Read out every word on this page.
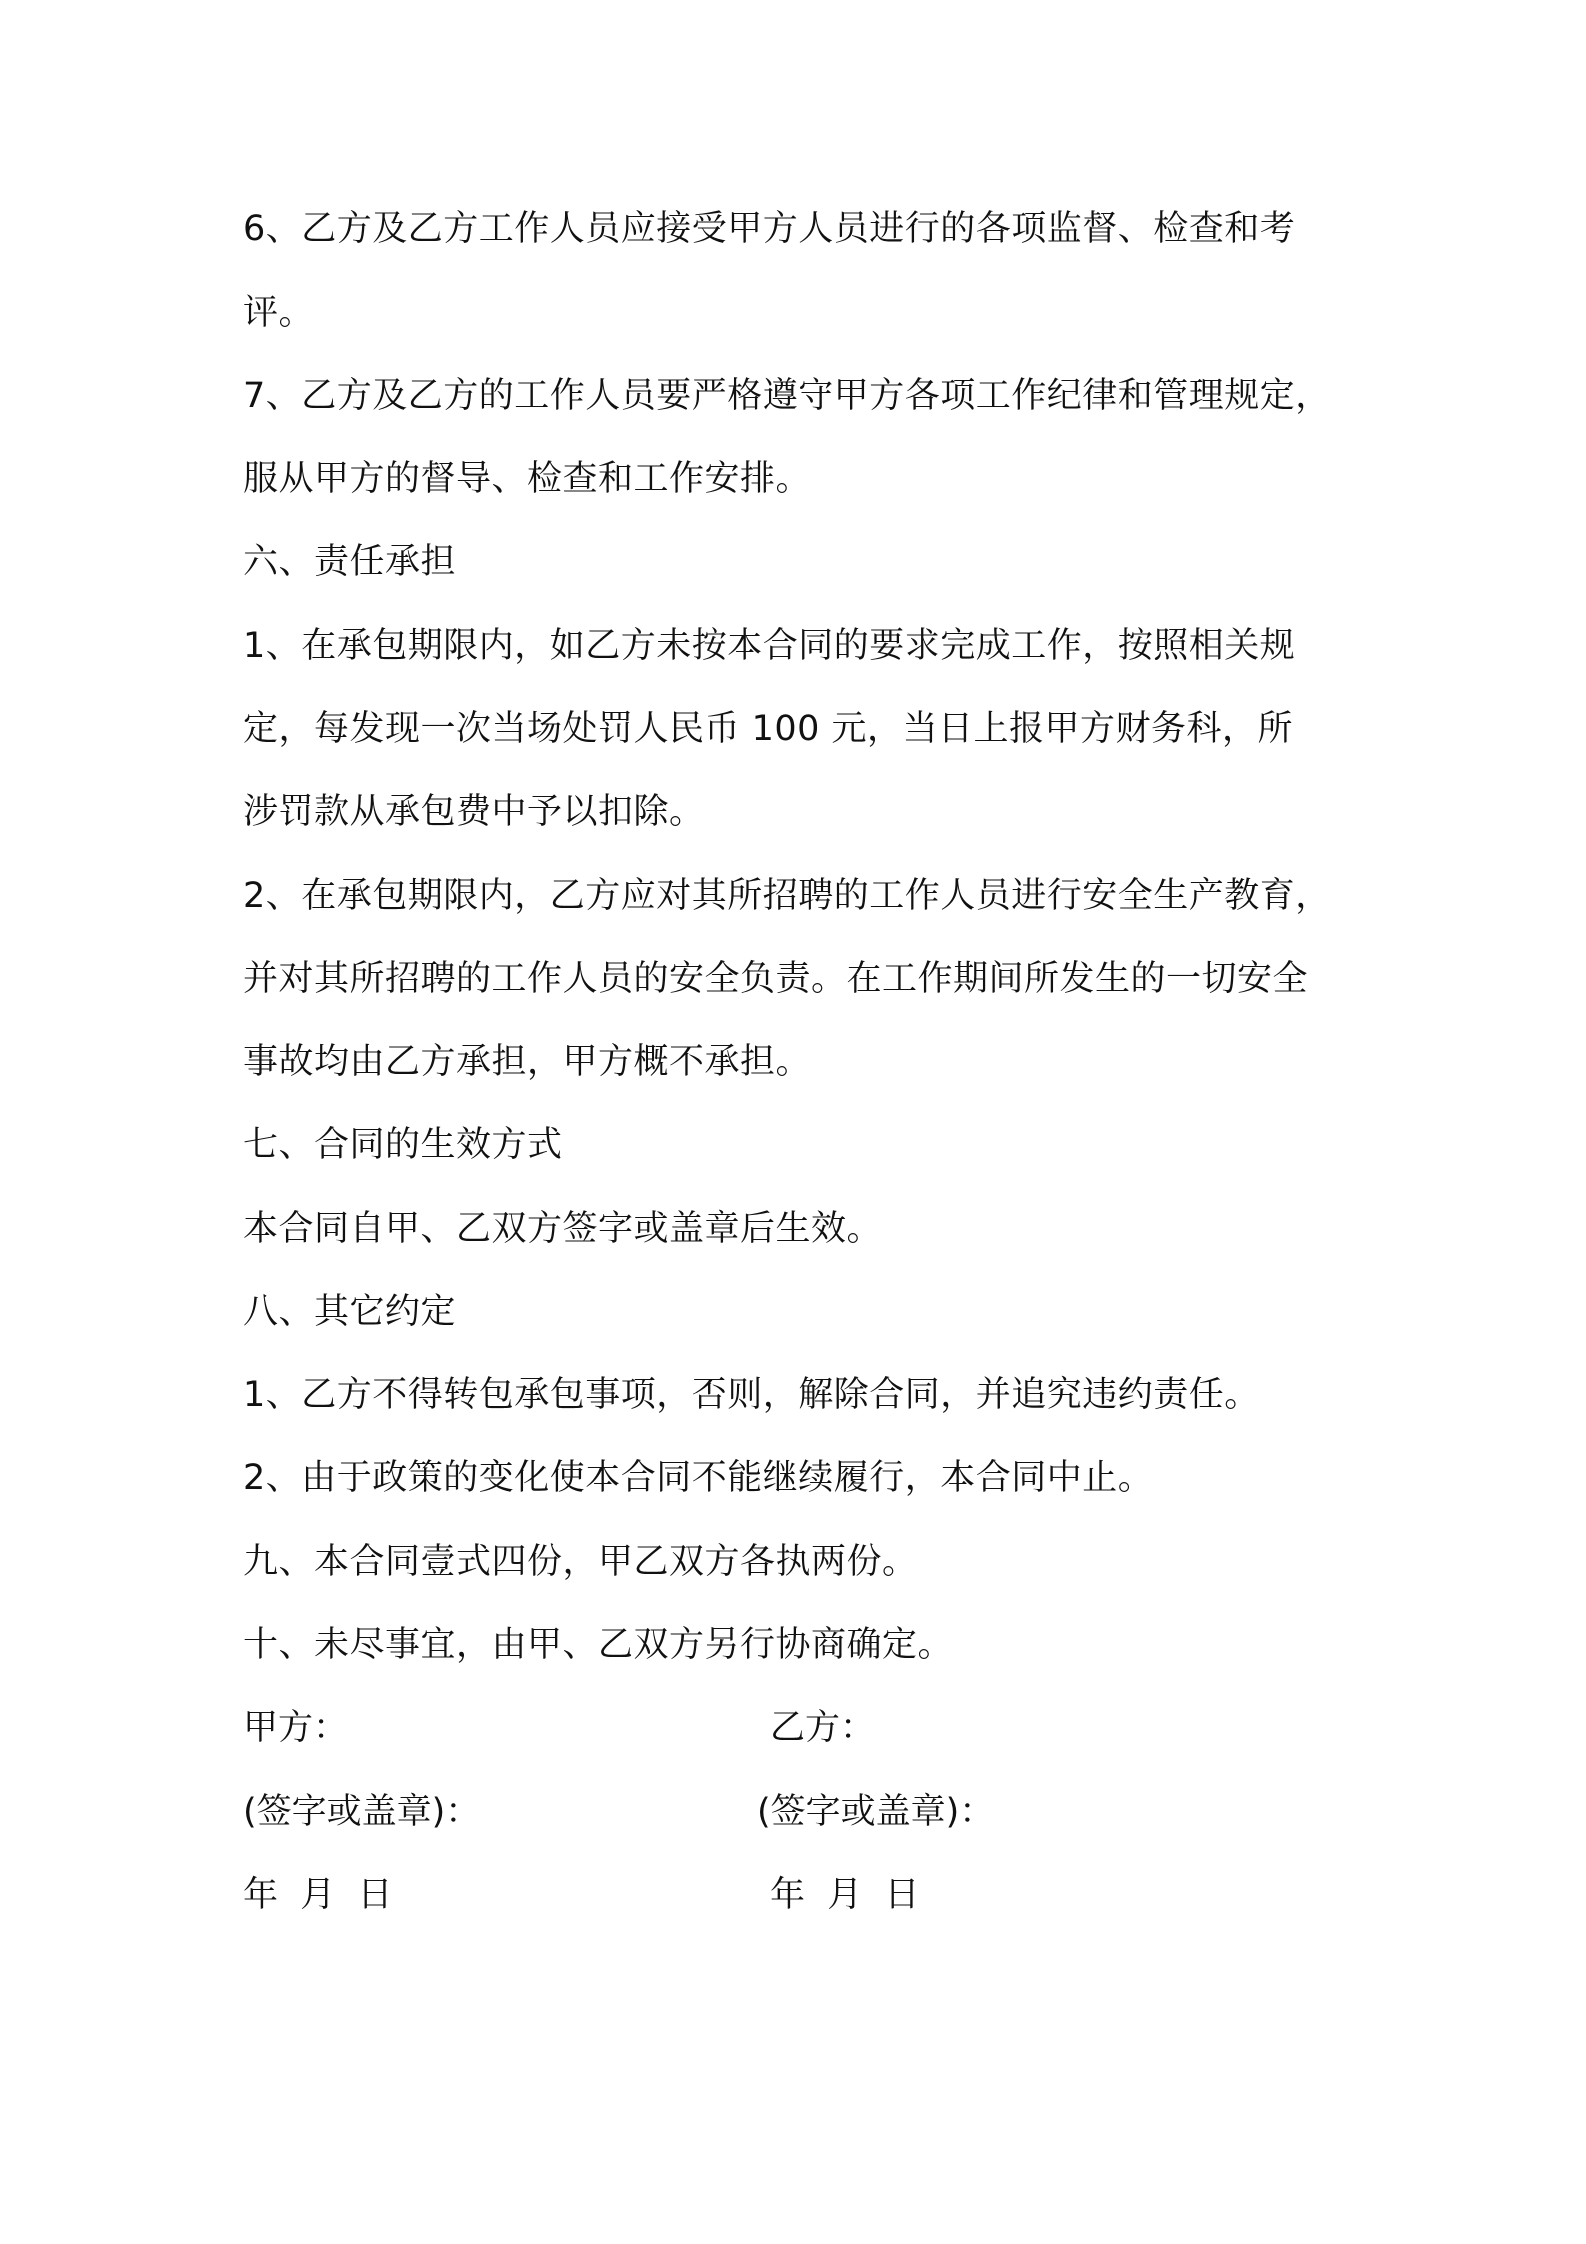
6、乙方及乙方工作人员应接受甲方人员进行的各项监督、检查和考
评。
7、乙方及乙方的工作人员要严格遵守甲方各项工作纪律和管理规定，
服从甲方的督导、检查和工作安排。
六、责任承担
1、在承包期限内，如乙方未按本合同的要求完成工作，按照相关规
定，每发现一次当场处罚人民币 100 元，当日上报甲方财务科，所
涉罚款从承包费中予以扣除。
2、在承包期限内，乙方应对其所招聘的工作人员进行安全生产教育，
并对其所招聘的工作人员的安全负责。在工作期间所发生的一切安全
事故均由乙方承担，甲方概不承担。
七、合同的生效方式
本合同自甲、乙双方签字或盖章后生效。
八、其它约定
1、乙方不得转包承包事项，否则，解除合同，并追究违约责任。
2、由于政策的变化使本合同不能继续履行，本合同中止。
九、本合同壹式四份，甲乙双方各执两份。
十、未尽事宜，由甲、乙双方另行协商确定。
甲方：	乙方：
(签字或盖章)：	(签字或盖章)：
年  月  日	年  月  日
